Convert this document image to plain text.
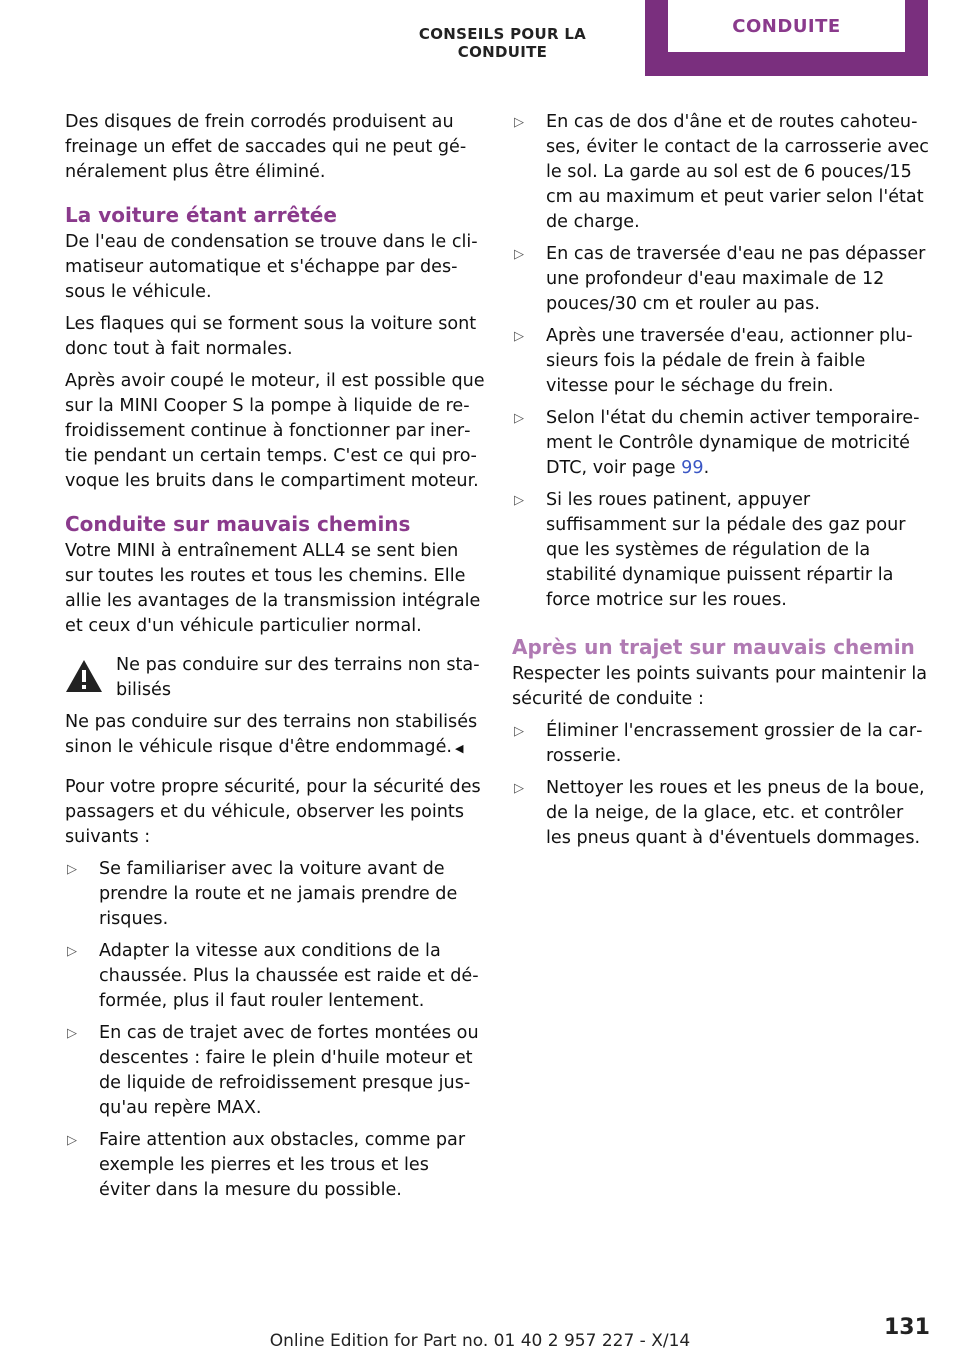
CONSEILS POUR LA CONDUITE
CONDUITE

Des disques de frein corrodés produisent au freinage un effet de saccades qui ne peut généralement plus être éliminé.

La voiture étant arrêtée

De l'eau de condensation se trouve dans le climatiseur automatique et s'échappe par dessous le véhicule.

Les flaques qui se forment sous la voiture sont donc tout à fait normales.

Après avoir coupé le moteur, il est possible que sur la MINI Cooper S la pompe à liquide de refroidissement continue à fonctionner par inertie pendant un certain temps. C'est ce qui provoque les bruits dans le compartiment moteur.

Conduite sur mauvais chemins

Votre MINI à entraînement ALL4 se sent bien sur toutes les routes et tous les chemins. Elle allie les avantages de la transmission intégrale et ceux d'un véhicule particulier normal.

Ne pas conduire sur des terrains non stabilisés

Ne pas conduire sur des terrains non stabilisés sinon le véhicule risque d'être endommagé. ◀

Pour votre propre sécurité, pour la sécurité des passagers et du véhicule, observer les points suivants :

▷ Se familiariser avec la voiture avant de prendre la route et ne jamais prendre de risques.
▷ Adapter la vitesse aux conditions de la chaussée. Plus la chaussée est raide et déformée, plus il faut rouler lentement.
▷ En cas de trajet avec de fortes montées ou descentes : faire le plein d'huile moteur et de liquide de refroidissement presque jusqu'au repère MAX.
▷ Faire attention aux obstacles, comme par exemple les pierres et les trous et les éviter dans la mesure du possible.
▷ En cas de dos d'âne et de routes cahoteuses, éviter le contact de la carrosserie avec le sol. La garde au sol est de 6 pouces/15 cm au maximum et peut varier selon l'état de charge.
▷ En cas de traversée d'eau ne pas dépasser une profondeur d'eau maximale de 12 pouces/30 cm et rouler au pas.
▷ Après une traversée d'eau, actionner plusieurs fois la pédale de frein à faible vitesse pour le séchage du frein.
▷ Selon l'état du chemin activer temporairement le Contrôle dynamique de motricité DTC, voir page 99.
▷ Si les roues patinent, appuyer suffisamment sur la pédale des gaz pour que les systèmes de régulation de la stabilité dynamique puissent répartir la force motrice sur les roues.
Après un trajet sur mauvais chemin

Respecter les points suivants pour maintenir la sécurité de conduite :

▷ Éliminer l'encrassement grossier de la carrosserie.
▷ Nettoyer les roues et les pneus de la boue, de la neige, de la glace, etc. et contrôler les pneus quant à d'éventuels dommages.
131
Online Edition for Part no. 01 40 2 957 227 - X/14
